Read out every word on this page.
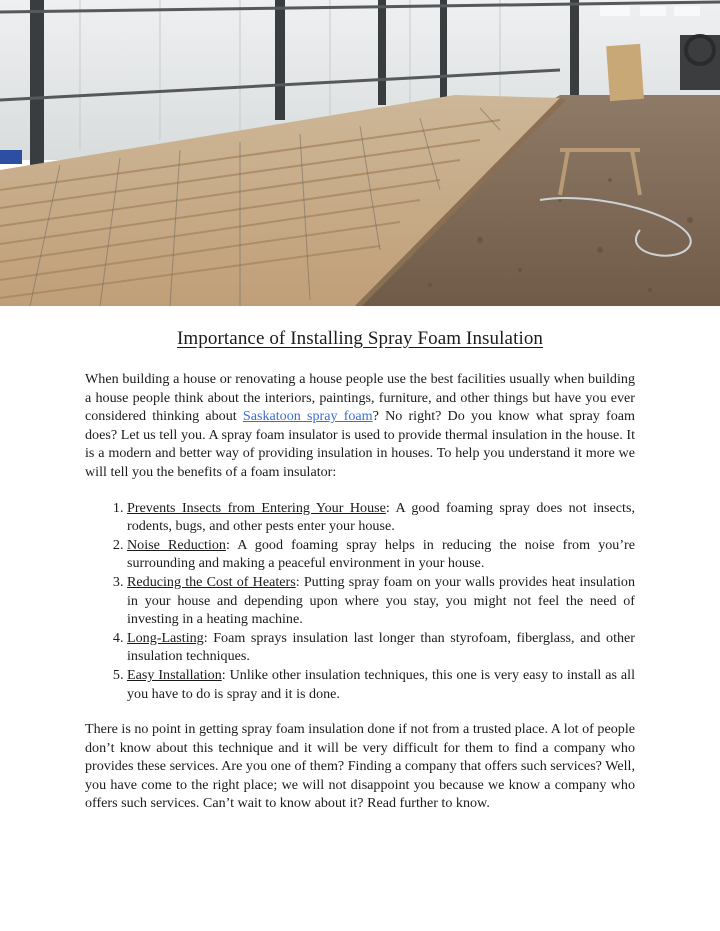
Importance of Installing Spray Foam Insulation

When building a house or renovating a house people use the best facilities usually when building a house people think about the interiors, paintings, furniture, and other things but have you ever considered thinking about Saskatoon spray foam? No right? Do you know what spray foam does? Let us tell you. A spray foam insulator is used to provide thermal insulation in the house. It is a modern and better way of providing insulation in houses. To help you understand it more we will tell you the benefits of a foam insulator:

1. Prevents Insects from Entering Your House: A good foaming spray does not insects, rodents, bugs, and other pests enter your house.
2. Noise Reduction: A good foaming spray helps in reducing the noise from you’re surrounding and making a peaceful environment in your house.
3. Reducing the Cost of Heaters: Putting spray foam on your walls provides heat insulation in your house and depending upon where you stay, you might not feel the need of investing in a heating machine.
4. Long-Lasting: Foam sprays insulation last longer than styrofoam, fiberglass, and other insulation techniques.
5. Easy Installation: Unlike other insulation techniques, this one is very easy to install as all you have to do is spray and it is done.

There is no point in getting spray foam insulation done if not from a trusted place. A lot of people don’t know about this technique and it will be very difficult for them to find a company who provides these services. Are you one of them? Finding a company that offers such services? Well, you have come to the right place; we will not disappoint you because we know a company who offers such services. Can’t wait to know about it? Read further to know.
